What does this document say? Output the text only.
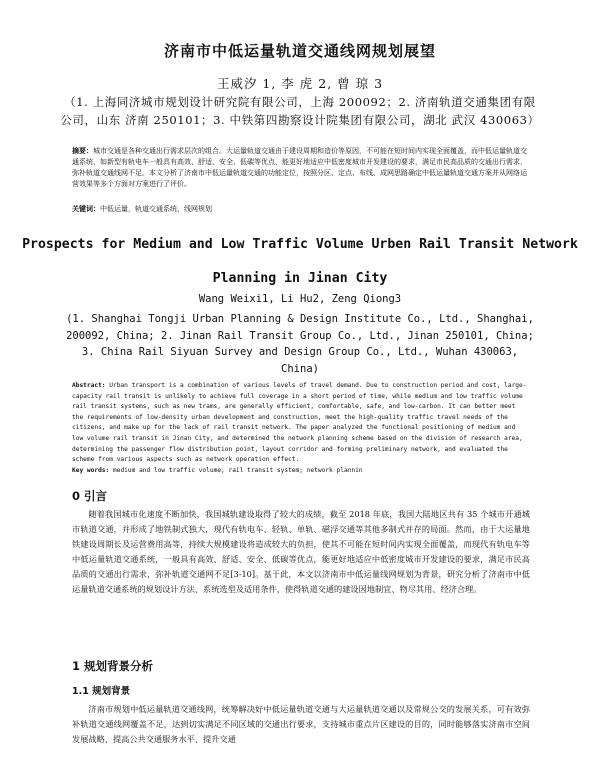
济南市中低运量轨道交通线网规划展望
王威汐 1, 李 虎 2, 曾 琼 3
（1. 上海同济城市规划设计研究院有限公司，上海 200092；2. 济南轨道交通集团有限公司，山东 济南 250101；3. 中铁第四勘察设计院集团有限公司，湖北 武汉 430063）
摘要：城市交通是各种交通出行需求层次的组合。大运量轨道交通由于建设周期和造价等原因，不可能在短时间内实现全面覆盖，而中低运量轨道交通系统，如新型有轨电车一般具有高效、舒适、安全、低碳等优点，能更好地适应中低密度城市开发建设的要求，满足市民高品质的交通出行需求，弥补轨道交通线网不足。本文分析了济南市中低运量轨道交通的功能定位，按照分区、定点、布线、成网思路确定中低运量轨道交通方案并从网络运营效果等多个方面对方案进行了评价。
关键词：中低运量，轨道交通系统，线网规划
Prospects for Medium and Low Traffic Volume Urben Rail Transit Network Planning in Jinan City
Wang Weixi1, Li Hu2, Zeng Qiong3
(1. Shanghai Tongji Urban Planning & Design Institute Co., Ltd., Shanghai, 200092, China; 2. Jinan Rail Transit Group Co., Ltd., Jinan 250101, China; 3. China Rail Siyuan Survey and Design Group Co., Ltd., Wuhan 430063, China)
Abstract: Urban transport is a combination of various levels of travel demand. Due to construction period and cost, large-capacity rail transit is unlikely to achieve full coverage in a short period of time, while medium and low traffic volume rail transit systems, such as new trams, are generally efficient, comfortable, safe, and low-carbon. It can better meet the requirements of low-density urban development and construction, meet the high-quality traffic travel needs of the citizens, and make up for the lack of rail transit network. The paper analyzed the functional positioning of medium and low volume rail transit in Jinan City, and determined the network planning scheme based on the division of research area, determining the passenger flow distribution point, layout corridor and forming preliminary network, and evaluated the scheme from various aspects such as network operation effect.
Key words: medium and low traffic volume, rail transit system; network plannin
0 引言
随着我国城市化速度不断加快，我国城轨建设取得了较大的成绩，截至 2018 年底，我国大陆地区共有 35 个城市开通城市轨道交通，并形成了地铁制式独大，现代有轨电车、轻轨、单轨、磁浮交通等其他多制式并存的局面。然而，由于大运量地铁建设周期长及运营费用高等，持续大规模建设将造成较大的负担，使其不可能在短时间内实现全面覆盖，而现代有轨电车等中低运量轨道交通系统，一般具有高效、舒适、安全、低碳等优点，能更好地适应中低密度城市开发建设的要求，满足市民高品质的交通出行需求，弥补轨道交通网不足[3-10]。基于此，本文以济南市中低运量线网规划为背景，研究分析了济南市中低运量轨道交通系统的规划设计方法、系统选型及适用条件，使得轨道交通的建设因地制宜、物尽其用、经济合理。
1 规划背景分析
1.1 规划背景
济南市规划中低运量轨道交通线网，统筹解决好中低运量轨道交通与大运量轨道交通以及常规公交的发展关系，可有效弥补轨道交通线网覆盖不足，达到切实满足不同区域的交通出行要求，支持城市重点片区建设的目的，同时能够落实济南市空间发展战略、提高公共交通服务水平、提升交通
